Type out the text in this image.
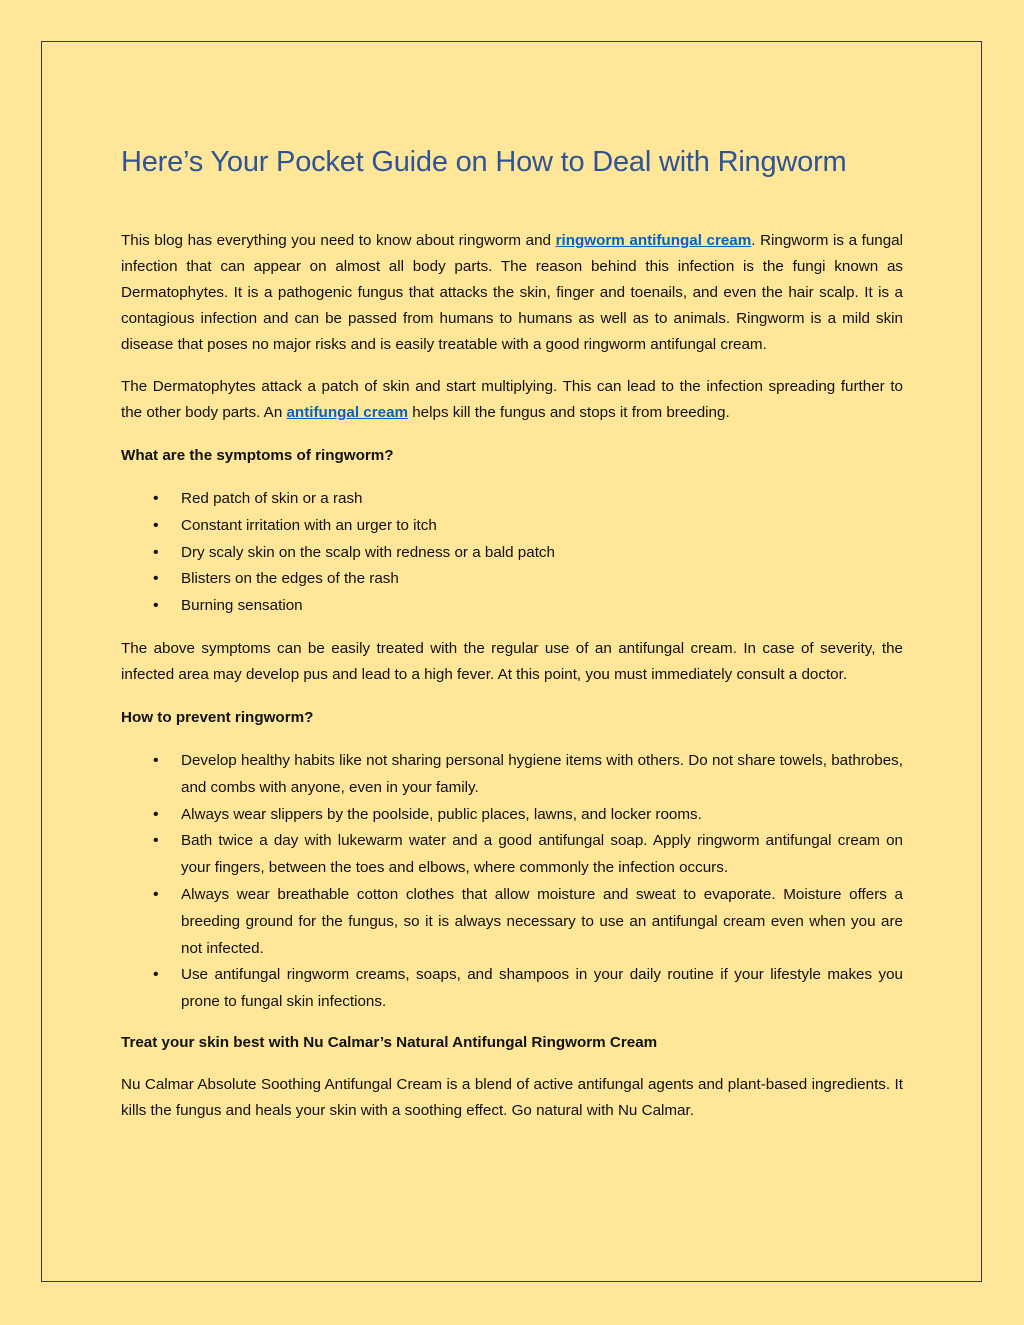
Here’s Your Pocket Guide on How to Deal with Ringworm

This blog has everything you need to know about ringworm and ringworm antifungal cream. Ringworm is a fungal infection that can appear on almost all body parts. The reason behind this infection is the fungi known as Dermatophytes. It is a pathogenic fungus that attacks the skin, finger and toenails, and even the hair scalp. It is a contagious infection and can be passed from humans to humans as well as to animals. Ringworm is a mild skin disease that poses no major risks and is easily treatable with a good ringworm antifungal cream.

The Dermatophytes attack a patch of skin and start multiplying. This can lead to the infection spreading further to the other body parts. An antifungal cream helps kill the fungus and stops it from breeding.

What are the symptoms of ringworm?

• Red patch of skin or a rash
• Constant irritation with an urger to itch
• Dry scaly skin on the scalp with redness or a bald patch
• Blisters on the edges of the rash
• Burning sensation

The above symptoms can be easily treated with the regular use of an antifungal cream. In case of severity, the infected area may develop pus and lead to a high fever. At this point, you must immediately consult a doctor.

How to prevent ringworm?

• Develop healthy habits like not sharing personal hygiene items with others. Do not share towels, bathrobes, and combs with anyone, even in your family.
• Always wear slippers by the poolside, public places, lawns, and locker rooms.
• Bath twice a day with lukewarm water and a good antifungal soap. Apply ringworm antifungal cream on your fingers, between the toes and elbows, where commonly the infection occurs.
• Always wear breathable cotton clothes that allow moisture and sweat to evaporate. Moisture offers a breeding ground for the fungus, so it is always necessary to use an antifungal cream even when you are not infected.
• Use antifungal ringworm creams, soaps, and shampoos in your daily routine if your lifestyle makes you prone to fungal skin infections.

Treat your skin best with Nu Calmar’s Natural Antifungal Ringworm Cream

Nu Calmar Absolute Soothing Antifungal Cream is a blend of active antifungal agents and plant-based ingredients. It kills the fungus and heals your skin with a soothing effect. Go natural with Nu Calmar.
